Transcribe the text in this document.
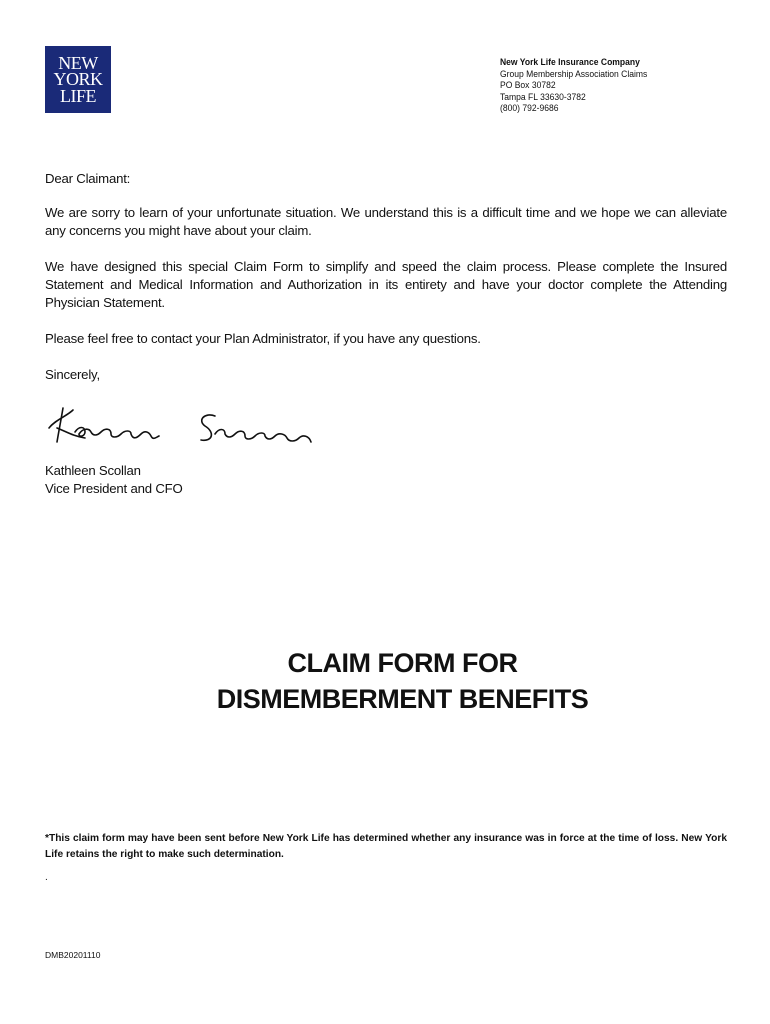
NEW
YORK
LIFE
New York Life Insurance Company
Group Membership Association Claims
PO Box 30782
Tampa FL 33630-3782
(800) 792-9686

Dear Claimant:

We are sorry to learn of your unfortunate situation. We understand this is a difficult time and we hope we can alleviate any concerns you might have about your claim.

We have designed this special Claim Form to simplify and speed the claim process. Please complete the Insured Statement and Medical Information and Authorization in its entirety and have your doctor complete the Attending Physician Statement.

Please feel free to contact your Plan Administrator, if you have any questions.

Sincerely,

Kathleen Scollan
Vice President and CFO
CLAIM FORM FOR
DISMEMBERMENT BENEFITS
*This claim form may have been sent before New York Life has determined whether any insurance was in force at the time of loss. New York Life retains the right to make such determination.
.
DMB20201110
